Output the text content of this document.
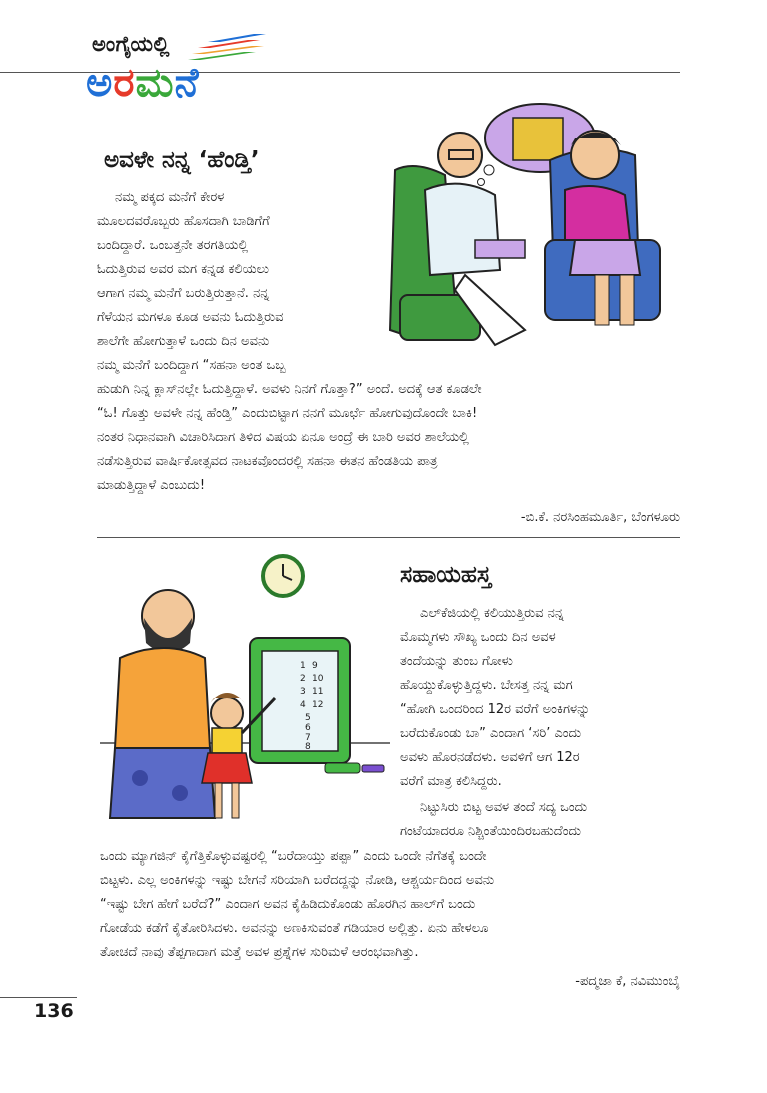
ಅಂಗೈಯಲ್ಲಿ
ಅರಮನೆ
ಅವಳೇ ನನ್ನ ‘ಹೆಂಡ್ತಿ’
ನಮ್ಮ ಪಕ್ಕದ ಮನೆಗೆ ಕೇರಳ
ಮೂಲದವರೊಬ್ಬರು ಹೊಸದಾಗಿ ಬಾಡಿಗೆಗೆ
ಬಂದಿದ್ದಾರೆ. ಒಂಬತ್ತನೇ ತರಗತಿಯಲ್ಲಿ
ಓದುತ್ತಿರುವ ಅವರ ಮಗ ಕನ್ನಡ ಕಲಿಯಲು
ಆಗಾಗ ನಮ್ಮ ಮನೆಗೆ ಬರುತ್ತಿರುತ್ತಾನೆ. ನನ್ನ
ಗೆಳೆಯನ ಮಗಳೂ ಕೂಡ ಅವನು ಓದುತ್ತಿರುವ
ಶಾಲೆಗೇ ಹೋಗುತ್ತಾಳೆ ಒಂದು ದಿನ ಅವನು
ನಮ್ಮ ಮನೆಗೆ ಬಂದಿದ್ದಾಗ “ಸಹನಾ ಅಂತ ಒಬ್ಬ
ಹುಡುಗಿ ನಿನ್ನ ಕ್ಲಾಸ್‌ನಲ್ಲೇ ಓದುತ್ತಿದ್ದಾಳೆ. ಅವಳು ನಿನಗೆ ಗೊತ್ತಾ?” ಅಂದೆ. ಅದಕ್ಕೆ ಆತ ಕೂಡಲೇ
“ಓ! ಗೊತ್ತು ಅವಳೇ ನನ್ನ ಹೆಂಡ್ತಿ” ಎಂದುಬಿಟ್ಟಾಗ ನನಗೆ ಮೂರ್ಛೆ ಹೋಗುವುದೊಂದೇ ಬಾಕಿ!
ನಂತರ ನಿಧಾನವಾಗಿ ವಿಚಾರಿಸಿದಾಗ ತಿಳಿದ ವಿಷಯ ಏನೂ ಅಂದ್ರೆ ಈ ಬಾರಿ ಅವರ ಶಾಲೆಯಲ್ಲಿ
ನಡೆಸುತ್ತಿರುವ ವಾರ್ಷಿಕೋತ್ಸವದ ನಾಟಕವೊಂದರಲ್ಲಿ ಸಹನಾ ಈತನ ಹೆಂಡತಿಯ ಪಾತ್ರ
ಮಾಡುತ್ತಿದ್ದಾಳೆ ಎಂಬುದು!
-ಬಿ.ಕೆ. ನರಸಿಂಹಮೂರ್ತಿ, ಬೆಂಗಳೂರು
1 9
2 10
3 11
4 12
5
6
7
8
ಸಹಾಯಹಸ್ತ
ಎಲ್‌ಕೆಜಿಯಲ್ಲಿ ಕಲಿಯುತ್ತಿರುವ ನನ್ನ
ಮೊಮ್ಮಗಳು ಸೌಖ್ಯ ಒಂದು ದಿನ ಅವಳ
ತಂದೆಯನ್ನು ತುಂಬ ಗೋಳು
ಹೊಯ್ದುಕೊಳ್ಳುತ್ತಿದ್ದಳು. ಬೇಸತ್ತ ನನ್ನ ಮಗ
“ಹೋಗಿ ಒಂದರಿಂದ 12ರ ವರೆಗೆ ಅಂಕಿಗಳನ್ನು
ಬರೆದುಕೊಂಡು ಬಾ” ಎಂದಾಗ ‘ಸರಿ’ ಎಂದು
ಅವಳು ಹೊರನಡೆದಳು. ಅವಳಿಗೆ ಆಗ 12ರ
ವರೆಗೆ ಮಾತ್ರ ಕಲಿಸಿದ್ದರು.
ನಿಟ್ಟುಸಿರು ಬಿಟ್ಟ ಅವಳ ತಂದೆ ಸದ್ಯ ಒಂದು
ಗಂಟೆಯಾದರೂ ನಿಶ್ಚಿಂತೆಯಿಂದಿರಬಹುದೆಂದು
ಒಂದು ಮ್ಯಾಗಜಿನ್ ಕೈಗೆತ್ತಿಕೊಳ್ಳುವಷ್ಟರಲ್ಲಿ “ಬರೆದಾಯ್ತು ಪಪ್ಪಾ” ಎಂದು ಒಂದೇ ನೆಗೆತಕ್ಕೆ ಬಂದೇ
ಬಿಟ್ಟಳು. ಎಲ್ಲ ಅಂಕಿಗಳನ್ನು ಇಷ್ಟು ಬೇಗನೆ ಸರಿಯಾಗಿ ಬರೆದದ್ದನ್ನು ನೋಡಿ, ಆಶ್ಚರ್ಯದಿಂದ ಅವನು
“ಇಷ್ಟು ಬೇಗ ಹೇಗೆ ಬರೆದೆ?” ಎಂದಾಗ ಅವನ ಕೈಹಿಡಿದುಕೊಂಡು ಹೊರಗಿನ ಹಾಲ್‌ಗೆ ಬಂದು
ಗೋಡೆಯ ಕಡೆಗೆ ಕೈತೋರಿಸಿದಳು. ಅವನನ್ನು ಅಣಕಿಸುವಂತೆ ಗಡಿಯಾರ ಅಲ್ಲಿತ್ತು. ಏನು ಹೇಳಲೂ
ತೋಚದೆ ನಾವು ತೆಪ್ಪಗಾದಾಗ ಮತ್ತೆ ಅವಳ ಪ್ರಶ್ನೆಗಳ ಸುರಿಮಳೆ ಆರಂಭವಾಗಿತ್ತು.
-ಪದ್ಮಜಾ ಕೆ, ನವಿಮುಂಬೈ
136
